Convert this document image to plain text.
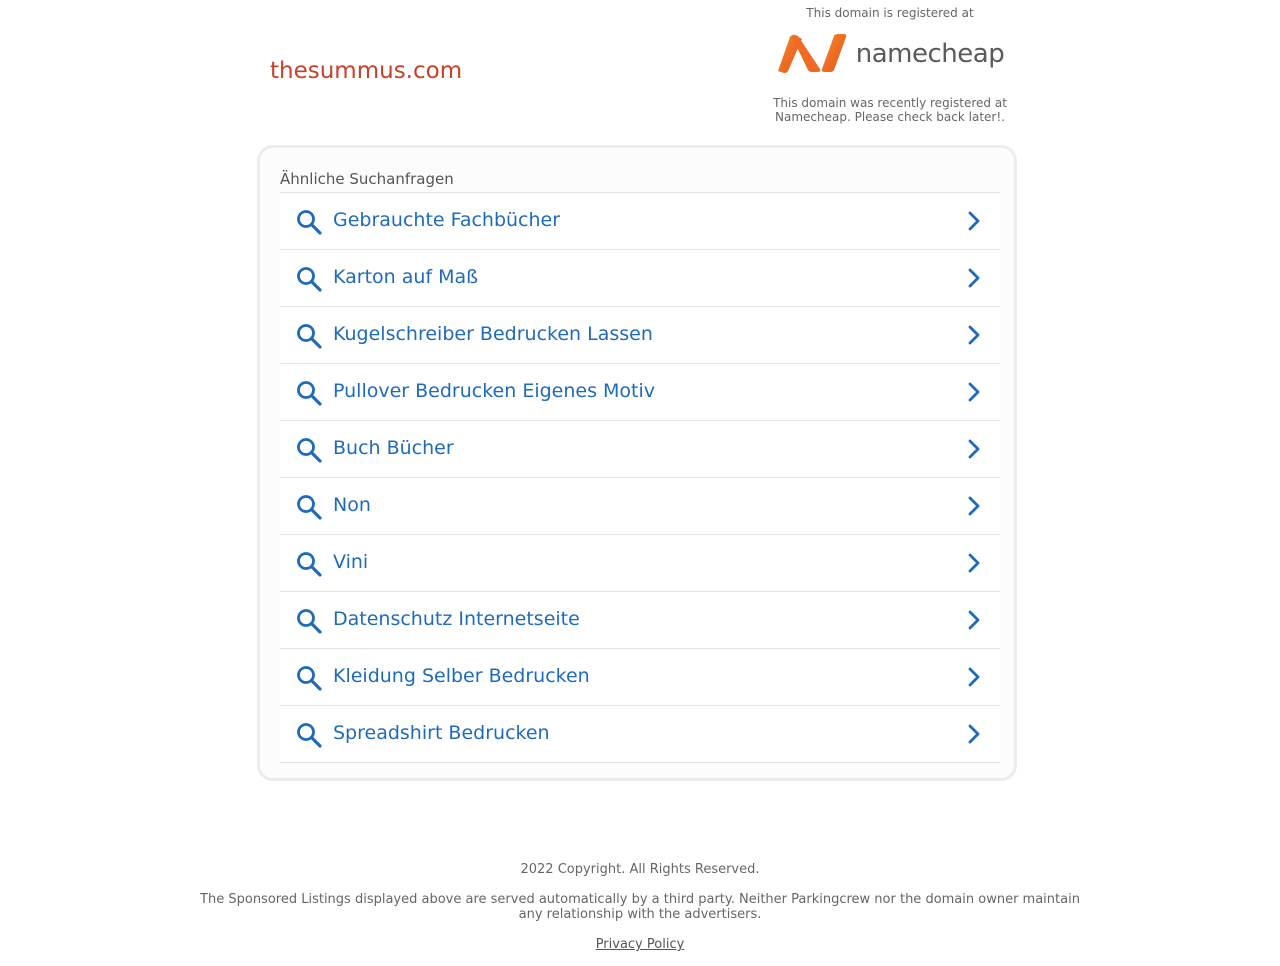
thesummus.com
This domain is registered at
namecheap
This domain was recently registered at Namecheap. Please check back later!.
Ähnliche Suchanfragen
Gebrauchte Fachbücher
Karton auf Maß
Kugelschreiber Bedrucken Lassen
Pullover Bedrucken Eigenes Motiv
Buch Bücher
Non
Vini
Datenschutz Internetseite
Kleidung Selber Bedrucken
Spreadshirt Bedrucken
2022 Copyright. All Rights Reserved.
The Sponsored Listings displayed above are served automatically by a third party. Neither Parkingcrew nor the domain owner maintain any relationship with the advertisers.
Privacy Policy
